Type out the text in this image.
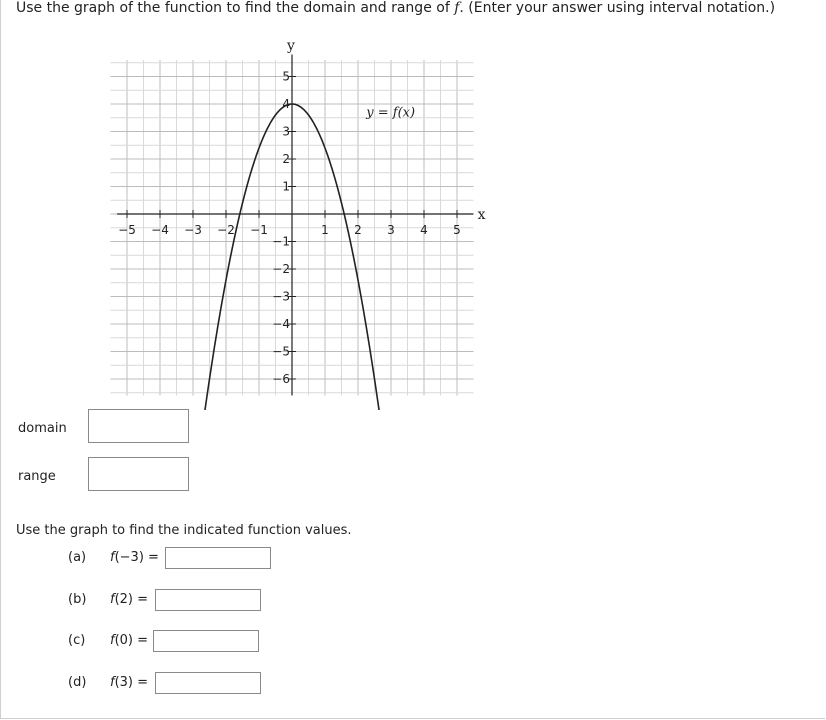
Use the graph of the function to find the domain and range of f. (Enter your answer using interval notation.)
−5 −4 −3 −2 −1	1 2 3 4 5
−6
−5
−4
−3
−2
−1
1
2
3
4
5
x
y
y = f(x)
domain
range
Use the graph to find the indicated function values.
(a) f(−3) =
(b) f(2) =
(c) f(0) =
(d) f(3) =
